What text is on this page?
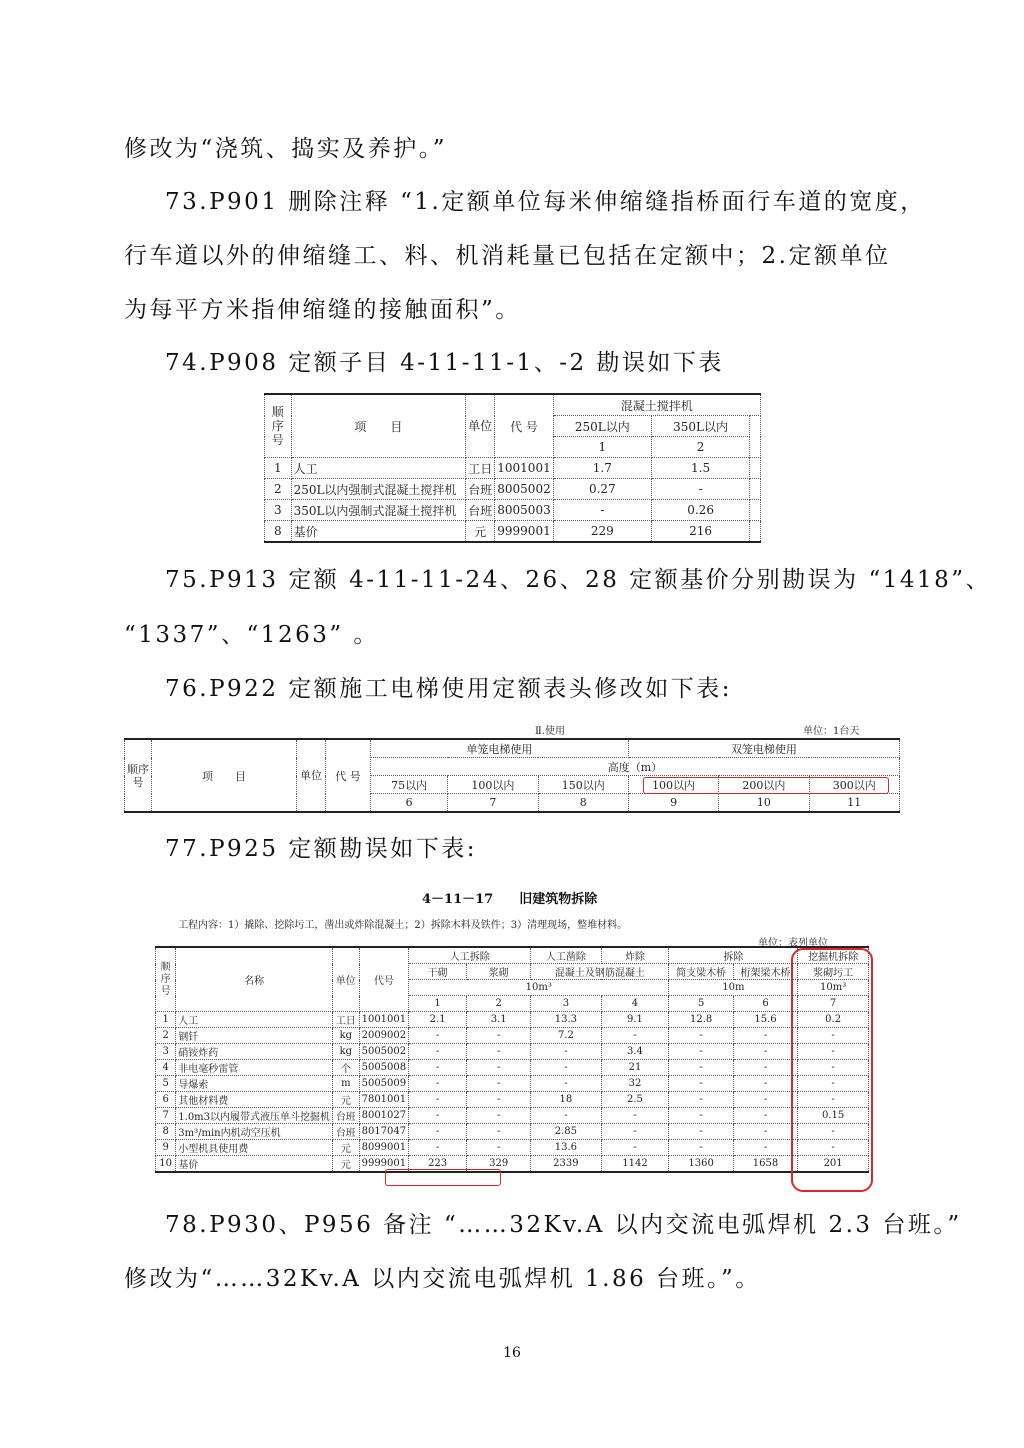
修改为“浇筑、捣实及养护。”
73.P901 删除注释 “1.定额单位每米伸缩缝指桥面行车道的宽度，
行车道以外的伸缩缝工、料、机消耗量已包括在定额中；2.定额单位
为每平方米指伸缩缝的接触面积”。
74.P908 定额子目 4-11-11-1、-2 勘误如下表
顺序号	项　　目	单位	代 号	混凝土搅拌机		
				250L以内	350L以内	
				1	2	
1	人工	工日	1001001	1.7	1.5	
2	250L以内强制式混凝土搅拌机	台班	8005002	0.27	-	
3	350L以内强制式混凝土搅拌机	台班	8005003	-	0.26	
8	基价	元	9999001	229	216	
75.P913 定额 4-11-11-24、26、28 定额基价分别勘误为 “1418”、
“1337”、“1263” 。
76.P922 定额施工电梯使用定额表头修改如下表:
Ⅱ.使用	单位：1台天
顺序号	项　　目	单位	代 号	单笼电梯使用			双笼电梯使用		
				高度（m）					
				75以内	100以内	150以内	100以内	200以内	300以内
				6	7	8	9	10	11
77.P925 定额勘误如下表:
4－11－17　　旧建筑物拆除
工程内容：1）撬除、挖除圬工，凿出或炸除混凝土；2）拆除木料及铁件；3）清理现场，整堆材料。
单位：表列单位
顺序号	名称	单位	代号	人工拆除		人工凿除	炸除	拆除		挖掘机拆除
				干砌	浆砌	混凝土及钢筋混凝土		简支梁木桥	桁架梁木桥	浆砌圬工
				10m³				10m		10m³
				1	2	3	4	5	6	7
1	人工	工日	1001001	2.1	3.1	13.3	9.1	12.8	15.6	0.2
2	钢钎	kg	2009002	-	-	7.2	-	-	-	-
3	硝铵炸药	kg	5005002	-	-	-	3.4	-	-	-
4	非电毫秒雷管	个	5005008	-	-	-	21	-	-	-
5	导爆索	m	5005009	-	-	-	32	-	-	-
6	其他材料费	元	7801001	-	-	18	2.5	-	-	-
7	1.0m3以内履带式液压单斗挖掘机	台班	8001027	-	-	-	-	-	-	0.15
8	3m³/min内机动空压机	台班	8017047	-	-	2.85	-	-	-	-
9	小型机具使用费	元	8099001	-	-	13.6	-	-	-	-
10	基价	元	9999001	223	329	2339	1142	1360	1658	201
78.P930、P956 备注 “……32Kv.A 以内交流电弧焊机 2.3 台班。”
修改为“……32Kv.A 以内交流电弧焊机 1.86 台班。”。
16
